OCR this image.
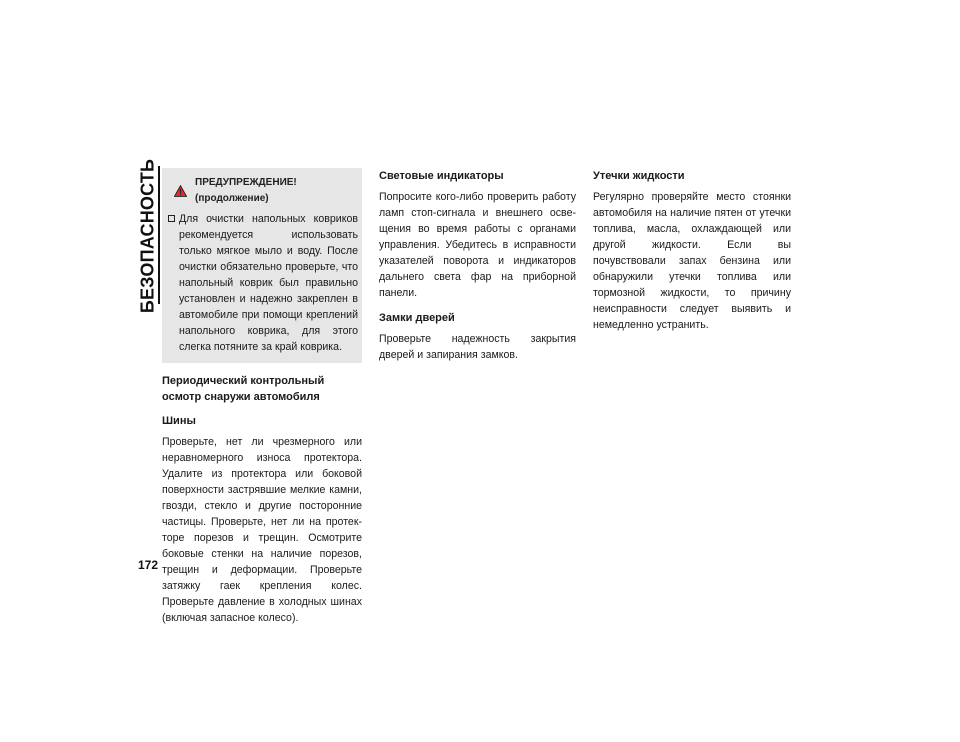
БЕЗОПАСНОСТЬ
172
ПРЕДУПРЕЖДЕНИЕ! (продолжение)
Для очистки напольных ковриков рекомендуется использовать только мягкое мыло и воду. После очистки обязательно проверьте, что напольный коврик был правильно установлен и надежно закреплен в автомобиле при помощи креплений напольного коврика, для этого слегка потяните за край коврика.
Периодический контрольный осмотр снаружи автомобиля
Шины

Проверьте, нет ли чрезмерного или неравномерного износа протектора. Удалите из протектора или боковой поверхности застрявшие мелкие камни, гвозди, стекло и другие посторонние частицы. Проверьте, нет ли на протек-торе порезов и трещин. Осмотрите боковые стенки на наличие порезов, трещин и деформации. Проверьте затяжку гаек крепления колес. Проверьте давление в холодных шинах (включая запасное колесо).

Световые индикаторы

Попросите кого-либо проверить работу ламп стоп-сигнала и внешнего осве-щения во время работы с органами управления. Убедитесь в исправности указателей поворота и индикаторов дальнего света фар на приборной панели.

Замки дверей

Проверьте надежность закрытия дверей и запирания замков.

Утечки жидкости

Регулярно проверяйте место стоянки автомобиля на наличие пятен от утечки топлива, масла, охлаждающей или другой жидкости. Если вы почувствовали запах бензина или обнаружили утечки топлива или тормозной жидкости, то причину неисправности следует выявить и немедленно устранить.
